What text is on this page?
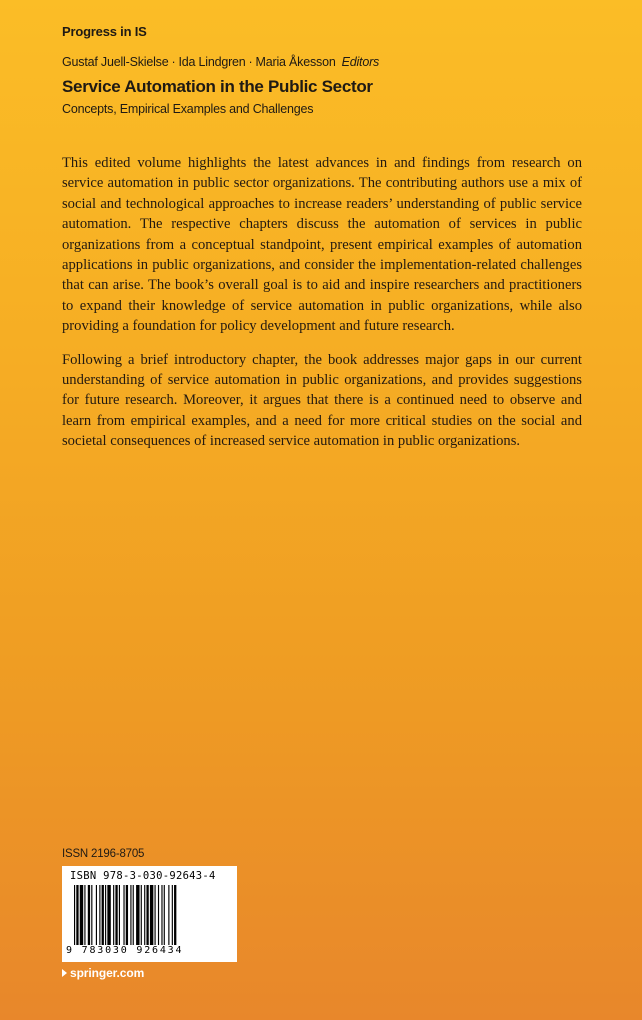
Progress in IS
Gustaf Juell-Skielse · Ida Lindgren · Maria Åkesson Editors
Service Automation in the Public Sector
Concepts, Empirical Examples and Challenges

This edited volume highlights the latest advances in and findings from research on service automation in public sector organizations. The contributing authors use a mix of social and technological approaches to increase readers’ understanding of public service automation. The respective chapters discuss the automation of services in public organizations from a conceptual standpoint, present empirical examples of automation applications in public organizations, and consider the implementation-related challenges that can arise. The book’s overall goal is to aid and inspire researchers and practitioners to expand their knowledge of service automation in public organizations, while also providing a foundation for policy development and future research.

Following a brief introductory chapter, the book addresses major gaps in our current understanding of service automation in public organizations, and provides suggestions for future research. Moreover, it argues that there is a continued need to observe and learn from empirical examples, and a need for more critical studies on the social and societal consequences of increased service automation in public organizations.

ISSN 2196-8705
ISBN 978-3-030-92643-4
9 783030 926434
springer.com
